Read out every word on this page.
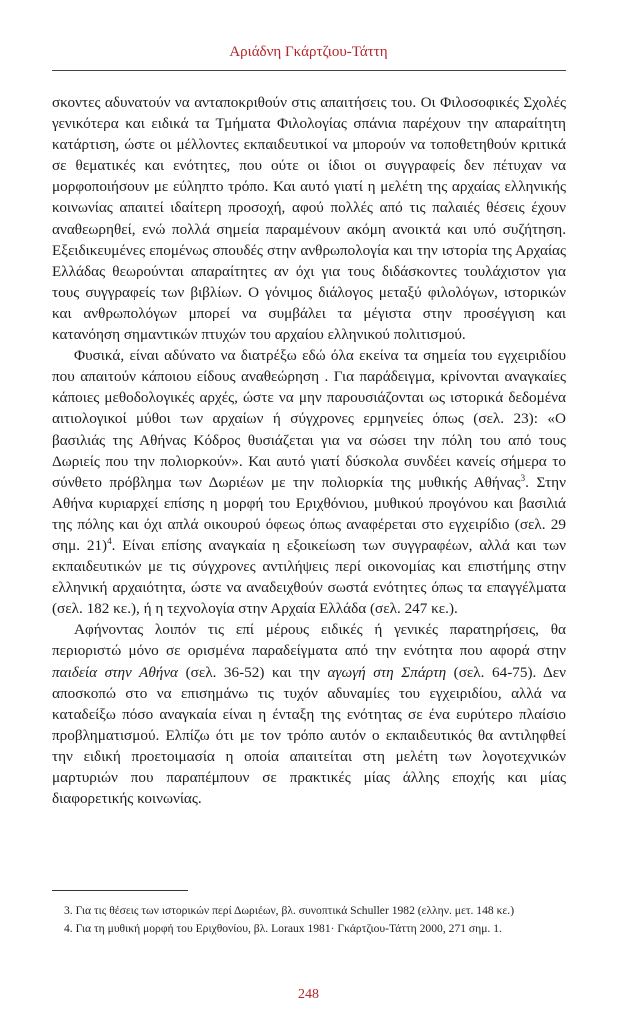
Αριάδνη Γκάρτζιου-Τάττη

σκοντες αδυνατούν να ανταποκριθούν στις απαιτήσεις του. Οι Φιλοσοφικές Σχολές γενικότερα και ειδικά τα Τμήματα Φιλολογίας σπάνια παρέχουν την απαραίτητη κατάρτιση, ώστε οι μέλλοντες εκπαιδευτικοί να μπορούν να τοποθετηθούν κριτικά σε θεματικές και ενότητες, που ούτε οι ίδιοι οι συγγραφείς δεν πέτυχαν να μορφοποιήσουν με εύληπτο τρόπο. Και αυτό γιατί η μελέτη της αρχαίας ελληνικής κοινωνίας απαιτεί ιδαίτερη προσοχή, αφού πολλές από τις παλαιές θέσεις έχουν αναθεωρηθεί, ενώ πολλά σημεία παραμένουν ακόμη ανοικτά και υπό συζήτηση. Εξειδικευμένες επομένως σπουδές στην ανθρωπολογία και την ιστορία της Αρχαίας Ελλάδας θεωρούνται απαραίτητες αν όχι για τους διδάσκοντες τουλάχιστον για τους συγγραφείς των βιβλίων. Ο γόνιμος διάλογος μεταξύ φιλολόγων, ιστορικών και ανθρωπολόγων μπορεί να συμβάλει τα μέγιστα στην προσέγγιση και κατανόηση σημαντικών πτυχών του αρχαίου ελληνικού πολιτισμού.

Φυσικά, είναι αδύνατο να διατρέξω εδώ όλα εκείνα τα σημεία του εγχειριδίου που απαιτούν κάποιου είδους αναθεώρηση . Για παράδειγμα, κρίνονται αναγκαίες κάποιες μεθοδολογικές αρχές, ώστε να μην παρουσιάζονται ως ιστορικά δεδομένα αιτιολογικοί μύθοι των αρχαίων ή σύγχρονες ερμηνείες όπως (σελ. 23): «Ο βασιλιάς της Αθήνας Κόδρος θυσιάζεται για να σώσει την πόλη του από τους Δωριείς που την πολιορκούν». Και αυτό γιατί δύσκολα συνδέει κανείς σήμερα το σύνθετο πρόβλημα των Δωριέων με την πολιορκία της μυθικής Αθήνας$^3$. Στην Αθήνα κυριαρχεί επίσης η μορφή του Εριχθόνιου, μυθικού προγόνου και βασιλιά της πόλης και όχι απλά οικουρού όφεως όπως αναφέρεται στο εγχειρίδιο (σελ. 29 σημ. 21)$^4$. Είναι επίσης αναγκαία η εξοικείωση των συγγραφέων, αλλά και των εκπαιδευτικών με τις σύγχρονες αντιλήψεις περί οικονομίας και επιστήμης στην ελληνική αρχαιότητα, ώστε να αναδειχθούν σωστά ενότητες όπως τα επαγγέλματα (σελ. 182 κε.), ή η τεχνολογία στην Αρχαία Ελλάδα (σελ. 247 κε.).

Αφήνοντας λοιπόν τις επί μέρους ειδικές ή γενικές παρατηρήσεις, θα περιοριστώ μόνο σε ορισμένα παραδείγματα από την ενότητα που αφορά στην παιδεία στην Αθήνα (σελ. 36-52) και την αγωγή στη Σπάρτη (σελ. 64-75). Δεν αποσκοπώ στο να επισημάνω τις τυχόν αδυναμίες του εγχειριδίου, αλλά να καταδείξω πόσο αναγκαία είναι η ένταξη της ενότητας σε ένα ευρύτερο πλαίσιο προβληματισμού. Ελπίζω ότι με τον τρόπο αυτόν ο εκπαιδευτικός θα αντιληφθεί την ειδική προετοιμασία η οποία απαιτείται στη μελέτη των λογοτεχνικών μαρτυριών που παραπέμπουν σε πρακτικές μίας άλλης εποχής και μίας διαφορετικής κοινωνίας.

3. Για τις θέσεις των ιστορικών περί Δωριέων, βλ. συνοπτικά Schuller 1982 (ελλην. μετ. 148 κε.)

4. Για τη μυθική μορφή του Εριχθονίου, βλ. Loraux 1981· Γκάρτζιου-Τάττη 2000, 271 σημ. 1.

248
